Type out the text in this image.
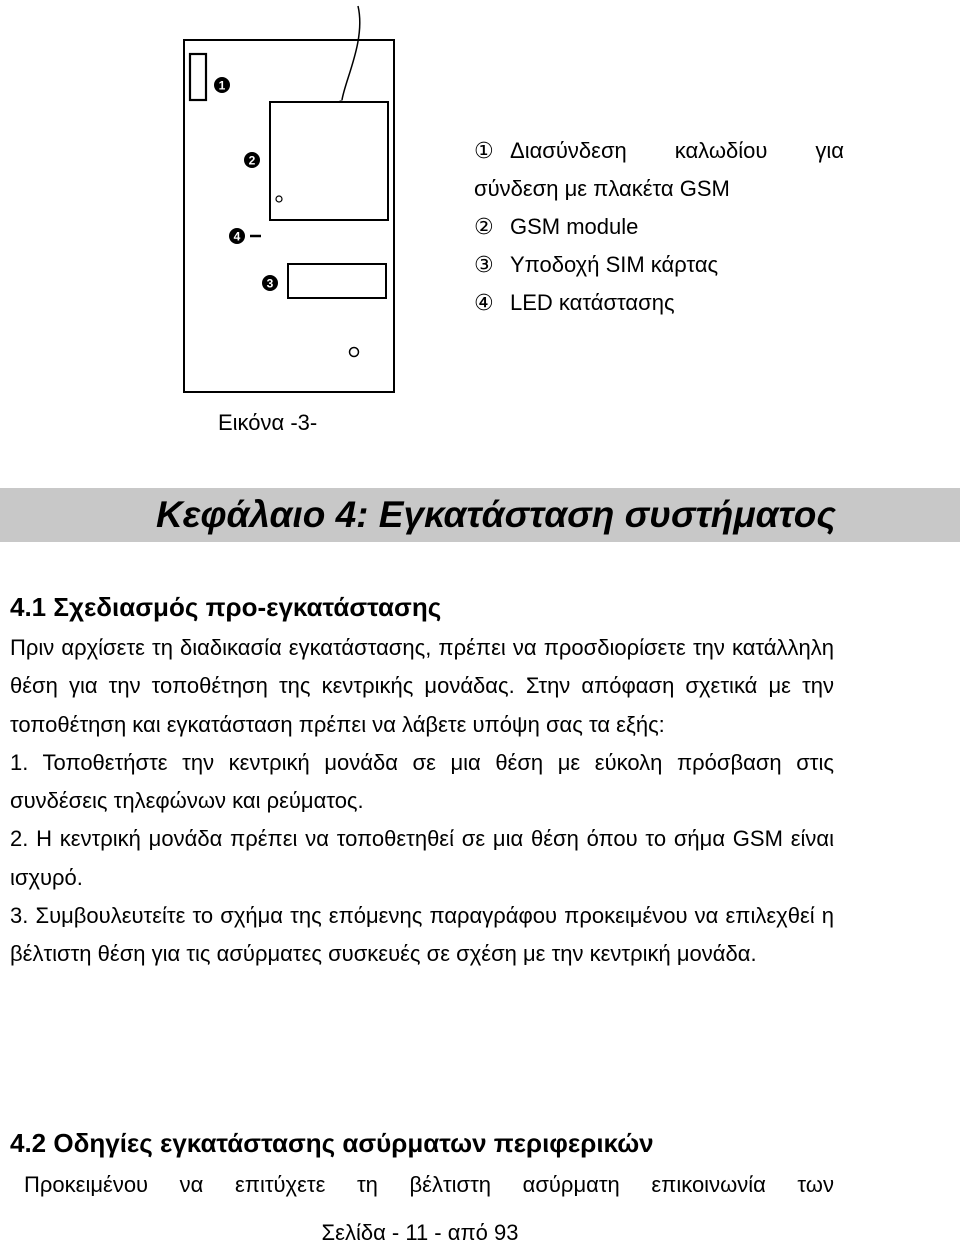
1
2
4
3
① Διασύνδεση καλωδίου για
σύνδεση με πλακέτα GSM
② GSM module
③ Υποδοχή SIM κάρτας
④ LED κατάστασης
Εικόνα -3-
Κεφάλαιο 4: Εγκατάσταση συστήματος
4.1 Σχεδιασμός προ-εγκατάστασης

Πριν αρχίσετε τη διαδικασία εγκατάστασης, πρέπει να προσδιορίσετε την κατάλληλη θέση για την τοποθέτηση της κεντρικής μονάδας. Στην απόφαση σχετικά με την τοποθέτηση και εγκατάσταση πρέπει να λάβετε υπόψη σας τα εξής:

1. Τοποθετήστε την κεντρική μονάδα σε μια θέση με εύκολη πρόσβαση στις συνδέσεις τηλεφώνων και ρεύματος.

2. Η κεντρική μονάδα πρέπει να τοποθετηθεί σε μια θέση όπου το σήμα GSM είναι ισχυρό.

3. Συμβουλευτείτε το σχήμα της επόμενης παραγράφου προκειμένου να επιλεχθεί η βέλτιστη θέση για τις ασύρματες συσκευές σε σχέση με την κεντρική μονάδα.

4.2 Οδηγίες εγκατάστασης ασύρματων περιφερικών

Προκειμένου να επιτύχετε τη βέλτιστη ασύρματη επικοινωνία των

Σελίδα - 11 - από 93
